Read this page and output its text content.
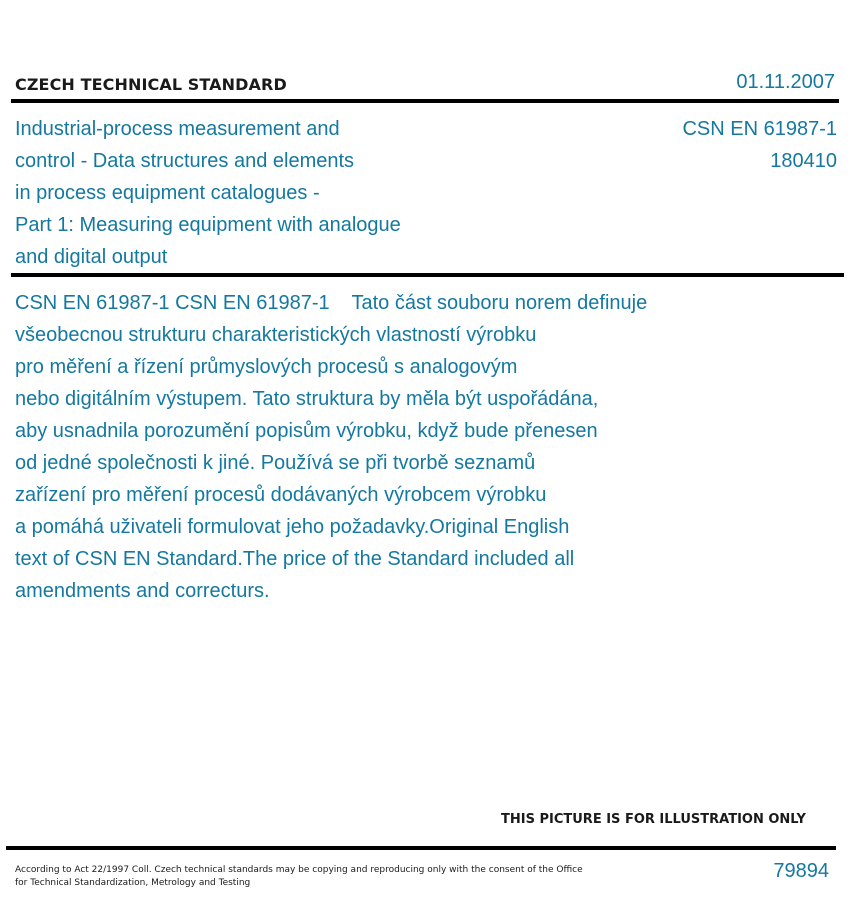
CZECH TECHNICAL STANDARD	01.11.2007
Industrial-process measurement and
control - Data structures and elements
in process equipment catalogues -
Part 1: Measuring equipment with analogue
and digital output
CSN EN 61987-1
180410
CSN EN 61987-1 CSN EN 61987-1    Tato část souboru norem definuje
všeobecnou strukturu charakteristických vlastností výrobku
pro měření a řízení průmyslových procesů s analogovým
nebo digitálním výstupem. Tato struktura by měla být uspořádána,
aby usnadnila porozumění popisům výrobku, když bude přenesen
od jedné společnosti k jiné. Používá se při tvorbě seznamů
zařízení pro měření procesů dodávaných výrobcem výrobku
a pomáhá uživateli formulovat jeho požadavky.Original English
text of CSN EN Standard.The price of the Standard included all
amendments and correcturs.
THIS PICTURE IS FOR ILLUSTRATION ONLY
According to Act 22/1997 Coll. Czech technical standards may be copying and reproducing only with the consent of the Office
for Technical Standardization, Metrology and Testing
79894
